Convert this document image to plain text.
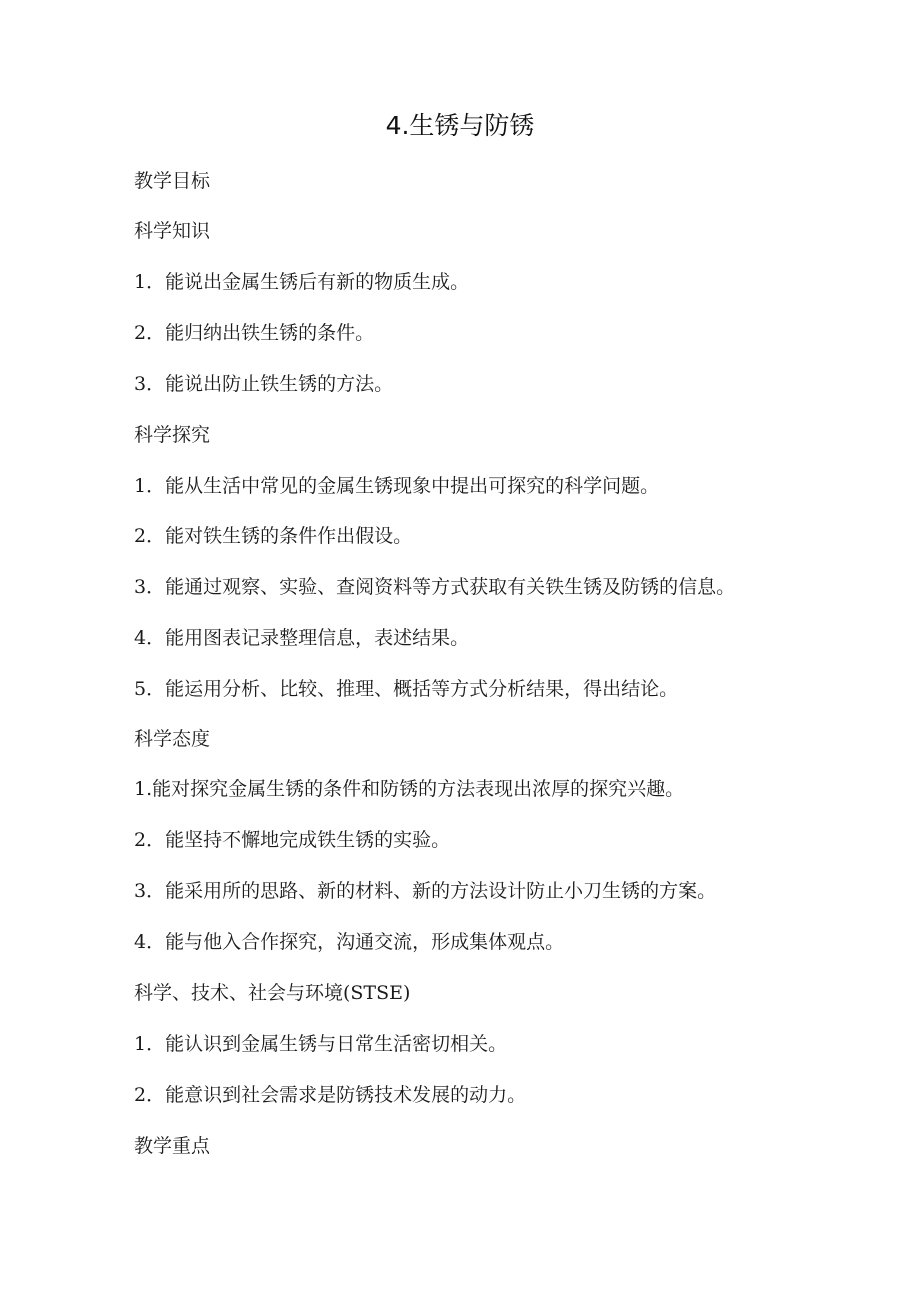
4.生锈与防锈
教学目标
科学知识
1．能说出金属生锈后有新的物质生成。
2．能归纳出铁生锈的条件。
3．能说出防止铁生锈的方法。
科学探究
1．能从生活中常见的金属生锈现象中提出可探究的科学问题。
2．能对铁生锈的条件作出假设。
3．能通过观察、实验、查阅资料等方式获取有关铁生锈及防锈的信息。
4．能用图表记录整理信息，表述结果。
5．能运用分析、比较、推理、概括等方式分析结果，得出结论。
科学态度
1.能对探究金属生锈的条件和防锈的方法表现出浓厚的探究兴趣。
2．能坚持不懈地完成铁生锈的实验。
3．能采用所的思路、新的材料、新的方法设计防止小刀生锈的方案。
4．能与他入合作探究，沟通交流，形成集体观点。
科学、技术、社会与环境(STSE)
1．能认识到金属生锈与日常生活密切相关。
2．能意识到社会需求是防锈技术发展的动力。
教学重点
